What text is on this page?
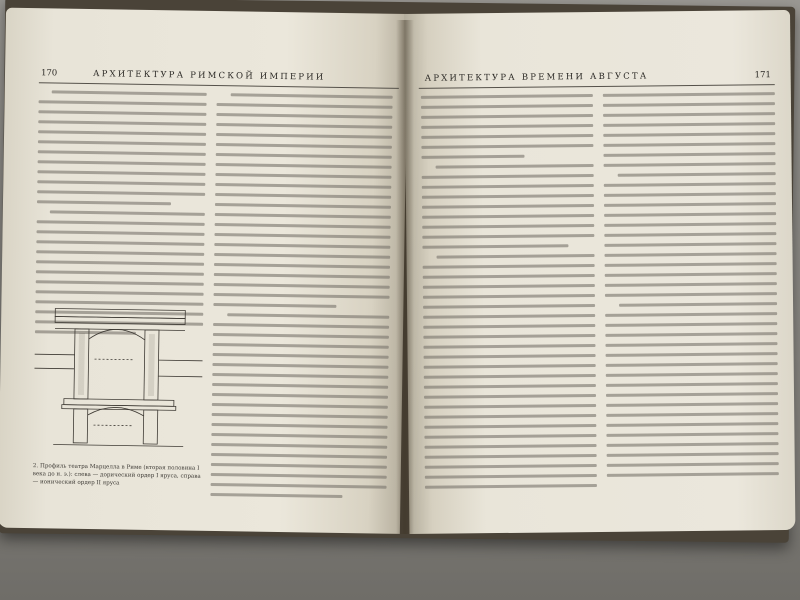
170	АРХИТЕКТУРА РИМСКОЙ ИМПЕРИИ
2. Профиль театра Марцелла в Риме (вторая половина I века до н. э.): слева — дорический ордер I яруса, справа — ионический ордер II яруса
АРХИТЕКТУРА ВРЕМЕНИ АВГУСТА	171
